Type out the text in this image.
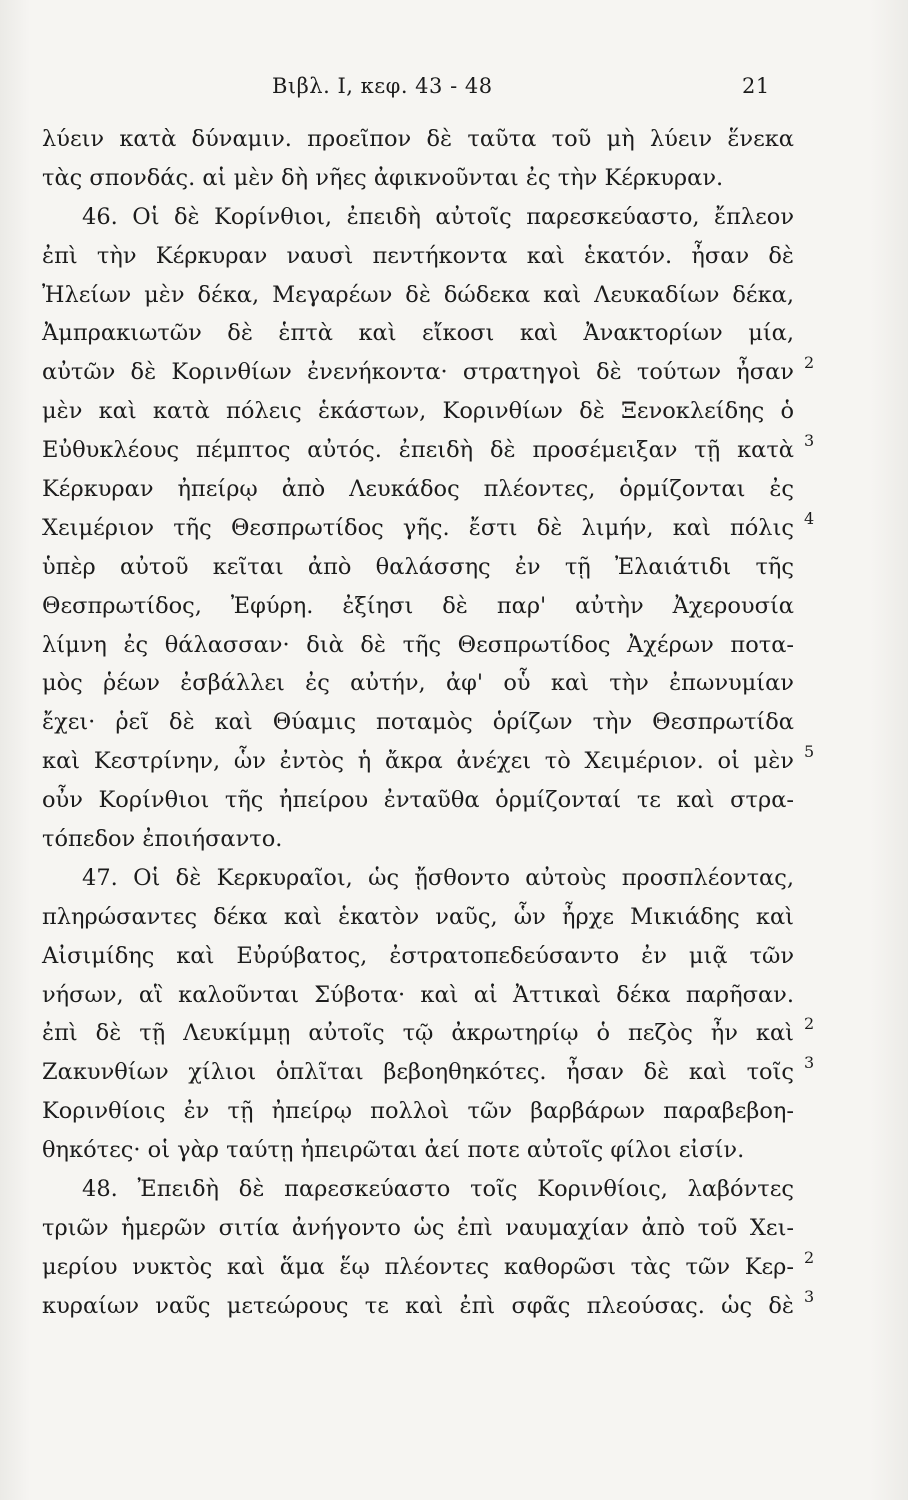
Βιβλ. Ι, κεφ. 43 - 48	21
λύειν κατὰ δύναμιν. προεῖπον δὲ ταῦτα τοῦ μὴ λύειν ἕνεκα
τὰς σπονδάς. αἱ μὲν δὴ νῆες ἀφικνοῦνται ἐς τὴν Κέρκυραν.
46. Οἱ δὲ Κορίνθιοι, ἐπειδὴ αὐτοῖς παρεσκεύαστο, ἔπλεον
ἐπὶ τὴν Κέρκυραν ναυσὶ πεντήκοντα καὶ ἑκατόν. ἦσαν δὲ
Ἠλείων μὲν δέκα, Μεγαρέων δὲ δώδεκα καὶ Λευκαδίων δέκα,
Ἀμπρακιωτῶν δὲ ἑπτὰ καὶ εἴκοσι καὶ Ἀνακτορίων μία,
αὐτῶν δὲ Κορινθίων ἐνενήκοντα· στρατηγοὶ δὲ τούτων ἦσαν 2
μὲν καὶ κατὰ πόλεις ἑκάστων, Κορινθίων δὲ Ξενοκλείδης ὁ
Εὐθυκλέους πέμπτος αὐτός. ἐπειδὴ δὲ προσέμειξαν τῇ κατὰ 3
Κέρκυραν ἠπείρῳ ἀπὸ Λευκάδος πλέοντες, ὁρμίζονται ἐς
Χειμέριον τῆς Θεσπρωτίδος γῆς. ἔστι δὲ λιμήν, καὶ πόλις 4
ὑπὲρ αὐτοῦ κεῖται ἀπὸ θαλάσσης ἐν τῇ Ἐλαιάτιδι τῆς
Θεσπρωτίδος, Ἐφύρη. ἐξίησι δὲ παρ' αὐτὴν Ἀχερουσία
λίμνη ἐς θάλασσαν· διὰ δὲ τῆς Θεσπρωτίδος Ἀχέρων ποτα-
μὸς ῥέων ἐσβάλλει ἐς αὐτήν, ἀφ' οὗ καὶ τὴν ἐπωνυμίαν
ἔχει· ῥεῖ δὲ καὶ Θύαμις ποταμὸς ὁρίζων τὴν Θεσπρωτίδα
καὶ Κεστρίνην, ὧν ἐντὸς ἡ ἄκρα ἀνέχει τὸ Χειμέριον. οἱ μὲν 5
οὖν Κορίνθιοι τῆς ἠπείρου ἐνταῦθα ὁρμίζονταί τε καὶ στρα-
τόπεδον ἐποιήσαντο.
47. Οἱ δὲ Κερκυραῖοι, ὡς ᾔσθοντο αὐτοὺς προσπλέοντας,
πληρώσαντες δέκα καὶ ἑκατὸν ναῦς, ὧν ἦρχε Μικιάδης καὶ
Αἰσιμίδης καὶ Εὐρύβατος, ἐστρατοπεδεύσαντο ἐν μιᾷ τῶν
νήσων, αἳ καλοῦνται Σύβοτα· καὶ αἱ Ἀττικαὶ δέκα παρῆσαν.
ἐπὶ δὲ τῇ Λευκίμμῃ αὐτοῖς τῷ ἀκρωτηρίῳ ὁ πεζὸς ἦν καὶ 2
Ζακυνθίων χίλιοι ὁπλῖται βεβοηθηκότες. ἦσαν δὲ καὶ τοῖς 3
Κορινθίοις ἐν τῇ ἠπείρῳ πολλοὶ τῶν βαρβάρων παραβεβοη-
θηκότες· οἱ γὰρ ταύτῃ ἠπειρῶται ἀεί ποτε αὐτοῖς φίλοι εἰσίν.
48. Ἐπειδὴ δὲ παρεσκεύαστο τοῖς Κορινθίοις, λαβόντες
τριῶν ἡμερῶν σιτία ἀνήγοντο ὡς ἐπὶ ναυμαχίαν ἀπὸ τοῦ Χει-
μερίου νυκτὸς καὶ ἅμα ἕῳ πλέοντες καθορῶσι τὰς τῶν Κερ- 2
κυραίων ναῦς μετεώρους τε καὶ ἐπὶ σφᾶς πλεούσας. ὡς δὲ 3
